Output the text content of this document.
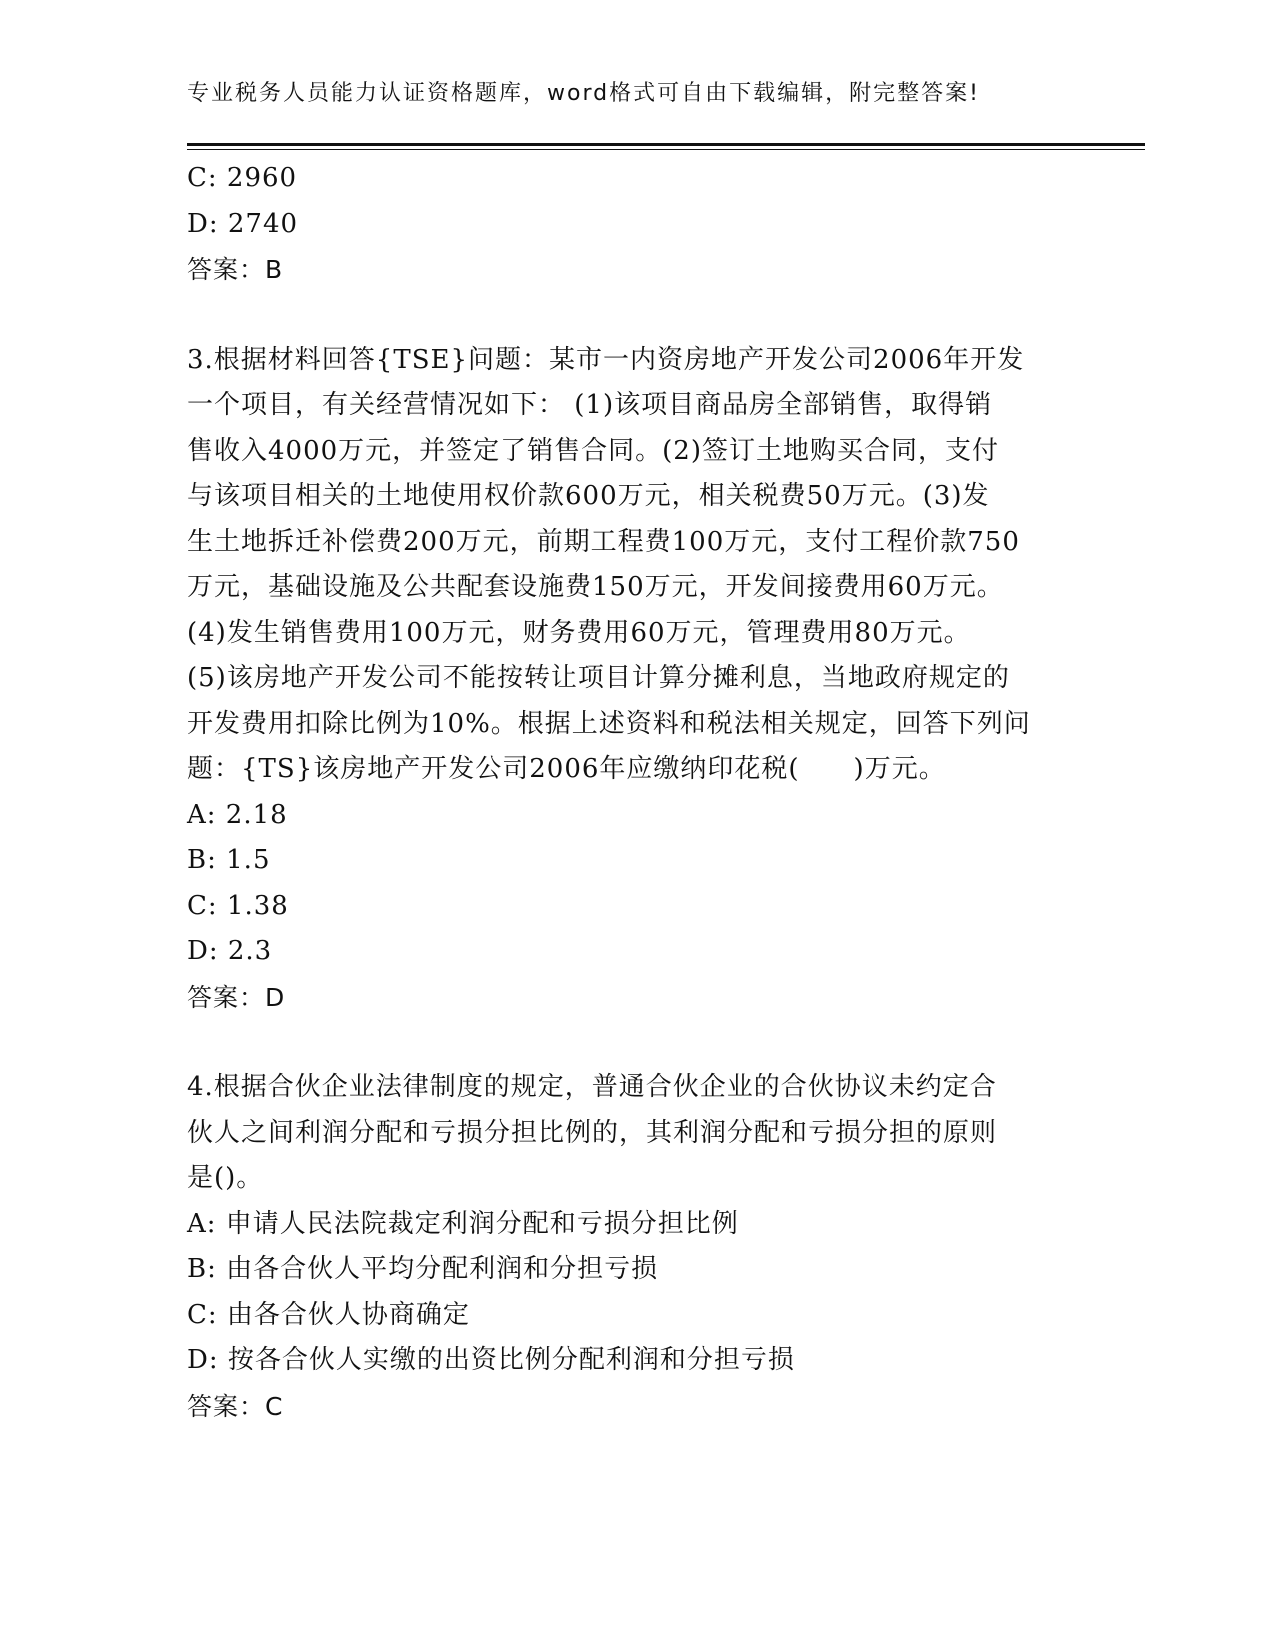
专业税务人员能力认证资格题库，word格式可自由下载编辑，附完整答案!
C: 2960
D: 2740
答案：B
3.根据材料回答{TSE}问题：某市一内资房地产开发公司2006年开发
一个项目，有关经营情况如下： (1)该项目商品房全部销售，取得销
售收入4000万元，并签定了销售合同。(2)签订土地购买合同，支付
与该项目相关的土地使用权价款600万元，相关税费50万元。(3)发
生土地拆迁补偿费200万元，前期工程费100万元，支付工程价款750
万元，基础设施及公共配套设施费150万元，开发间接费用60万元。
(4)发生销售费用100万元，财务费用60万元，管理费用80万元。
(5)该房地产开发公司不能按转让项目计算分摊利息，当地政府规定的
开发费用扣除比例为10%。根据上述资料和税法相关规定，回答下列问
题：{TS}该房地产开发公司2006年应缴纳印花税(　　)万元。
A: 2.18
B: 1.5
C: 1.38
D: 2.3
答案：D
4.根据合伙企业法律制度的规定，普通合伙企业的合伙协议未约定合
伙人之间利润分配和亏损分担比例的，其利润分配和亏损分担的原则
是()。
A: 申请人民法院裁定利润分配和亏损分担比例
B: 由各合伙人平均分配利润和分担亏损
C: 由各合伙人协商确定
D: 按各合伙人实缴的出资比例分配利润和分担亏损
答案：C
